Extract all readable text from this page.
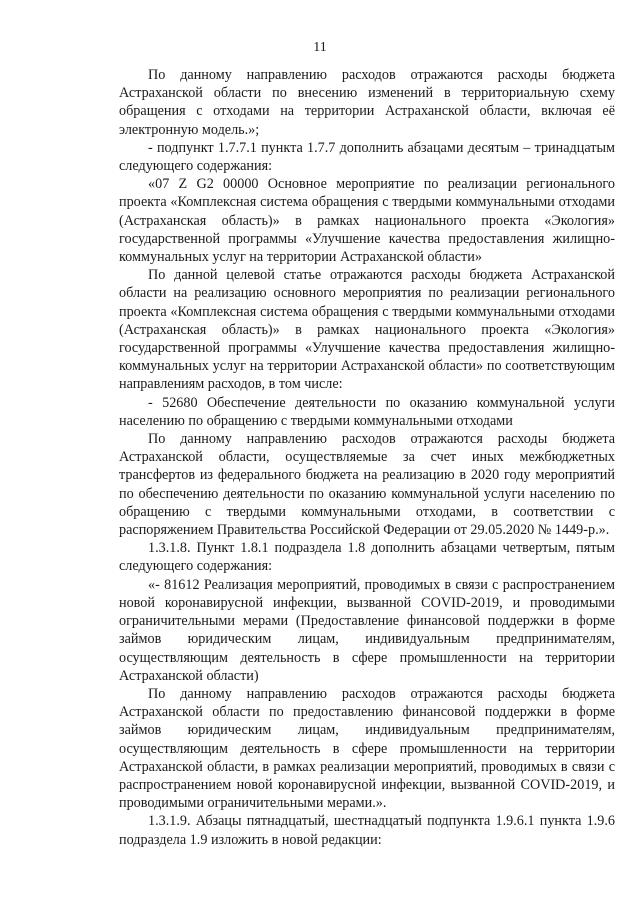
11

По данному направлению расходов отражаются расходы бюджета Астраханской области по внесению изменений в территориальную схему обращения с отходами на территории Астраханской области, включая её электронную модель.»;

- подпункт 1.7.7.1 пункта 1.7.7 дополнить абзацами десятым – тринадцатым следующего содержания:

«07 Z G2 00000 Основное мероприятие по реализации регионального проекта «Комплексная система обращения с твердыми коммунальными отходами (Астраханская область)» в рамках национального проекта «Экология» государственной программы «Улучшение качества предоставления жилищно-коммунальных услуг на территории Астраханской области»

По данной целевой статье отражаются расходы бюджета Астраханской области на реализацию основного мероприятия по реализации регионального проекта «Комплексная система обращения с твердыми коммунальными отходами (Астраханская область)» в рамках национального проекта «Экология» государственной программы «Улучшение качества предоставления жилищно-коммунальных услуг на территории Астраханской области» по соответствующим направлениям расходов, в том числе:

- 52680 Обеспечение деятельности по оказанию коммунальной услуги населению по обращению с твердыми коммунальными отходами

По данному направлению расходов отражаются расходы бюджета Астраханской области, осуществляемые за счет иных межбюджетных трансфертов из федерального бюджета на реализацию в 2020 году мероприятий по обеспечению деятельности по оказанию коммунальной услуги населению по обращению с твердыми коммунальными отходами, в соответствии с распоряжением Правительства Российской Федерации от 29.05.2020 № 1449-р.».

1.3.1.8. Пункт 1.8.1 подраздела 1.8 дополнить абзацами четвертым, пятым следующего содержания:

«- 81612 Реализация мероприятий, проводимых в связи с распространением новой коронавирусной инфекции, вызванной COVID-2019, и проводимыми ограничительными мерами (Предоставление финансовой поддержки в форме займов юридическим лицам, индивидуальным предпринимателям, осуществляющим деятельность в сфере промышленности на территории Астраханской области)

По данному направлению расходов отражаются расходы бюджета Астраханской области по предоставлению финансовой поддержки в форме займов юридическим лицам, индивидуальным предпринимателям, осуществляющим деятельность в сфере промышленности на территории Астраханской области, в рамках реализации мероприятий, проводимых в связи с распространением новой коронавирусной инфекции, вызванной COVID-2019, и проводимыми ограничительными мерами.».

1.3.1.9. Абзацы пятнадцатый, шестнадцатый подпункта 1.9.6.1 пункта 1.9.6 подраздела 1.9 изложить в новой редакции:
